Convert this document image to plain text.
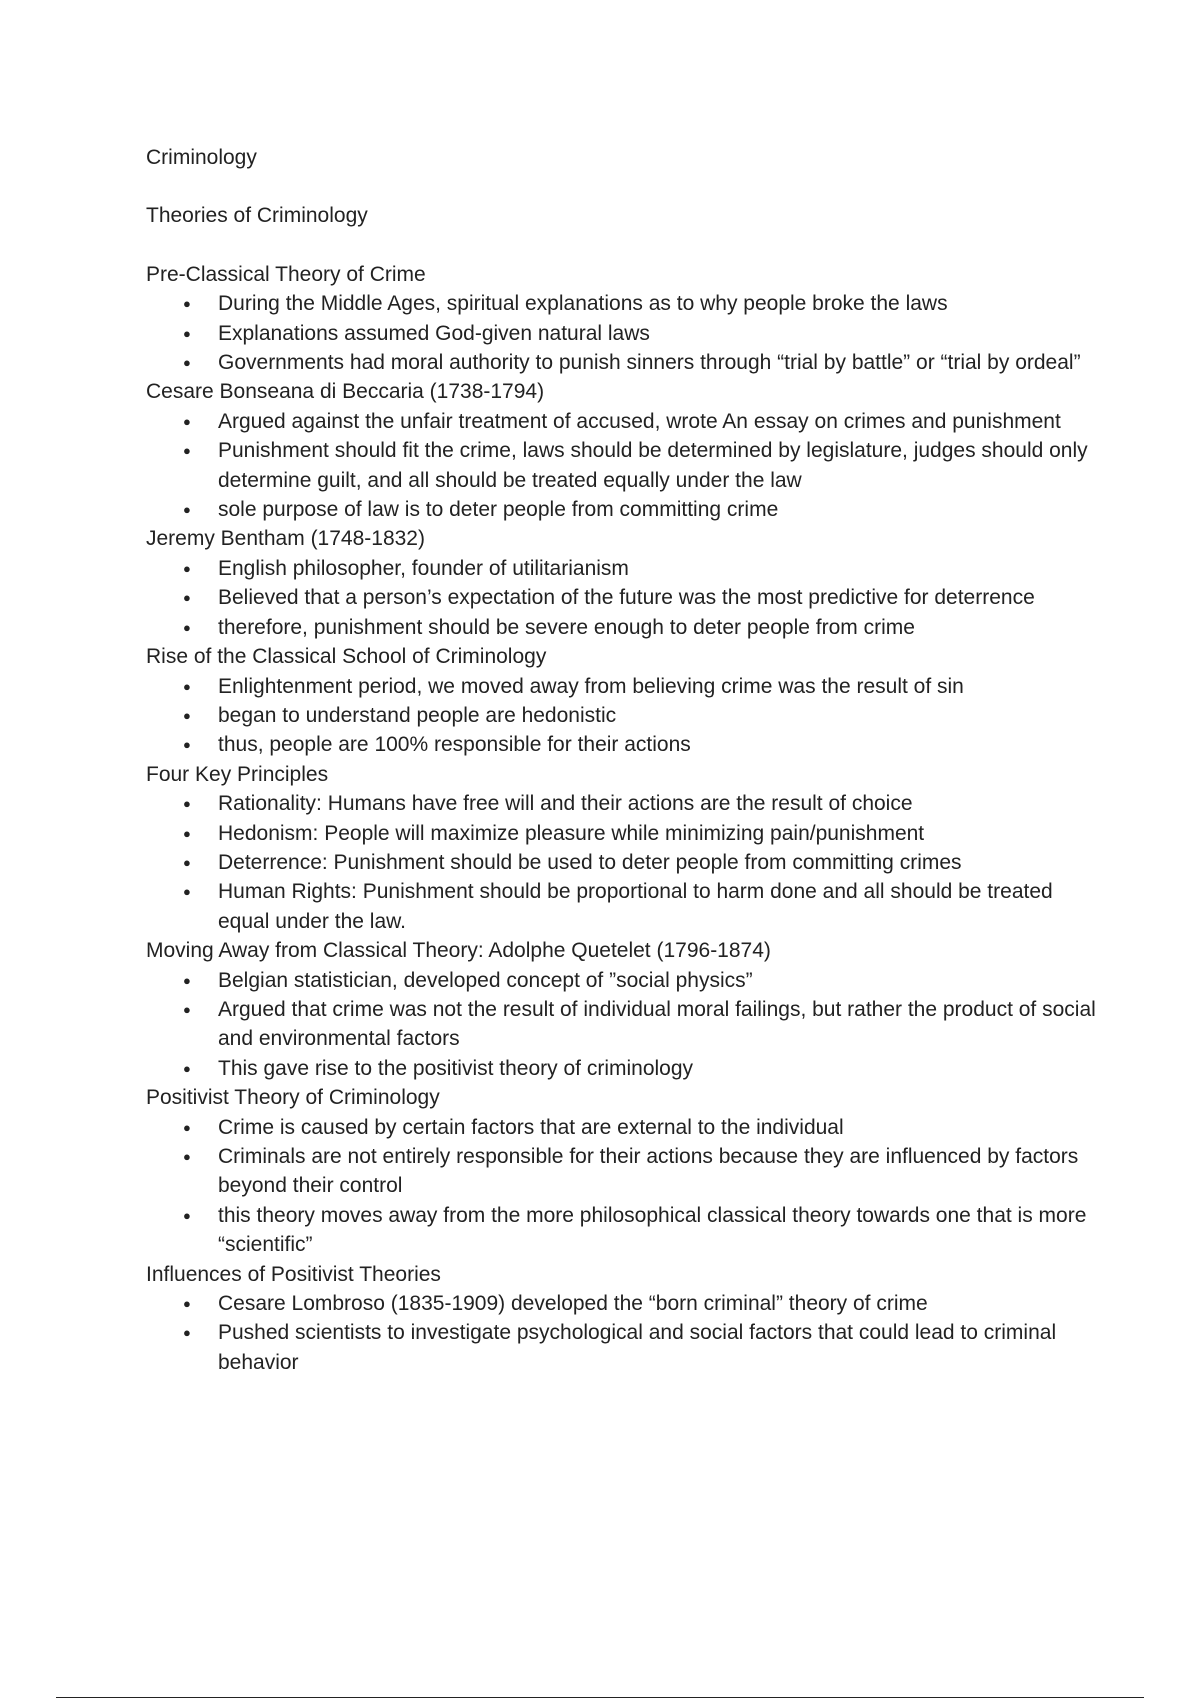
Criminology

Theories of Criminology

Pre-Classical Theory of Crime

● During the Middle Ages, spiritual explanations as to why people broke the laws
● Explanations assumed God-given natural laws
● Governments had moral authority to punish sinners through “trial by battle” or “trial by ordeal”

Cesare Bonseana di Beccaria (1738-1794)

● Argued against the unfair treatment of accused, wrote An essay on crimes and punishment
● Punishment should fit the crime, laws should be determined by legislature, judges should only determine guilt, and all should be treated equally under the law
● sole purpose of law is to deter people from committing crime

Jeremy Bentham (1748-1832)

● English philosopher, founder of utilitarianism
● Believed that a person’s expectation of the future was the most predictive for deterrence
● therefore, punishment should be severe enough to deter people from crime

Rise of the Classical School of Criminology

● Enlightenment period, we moved away from believing crime was the result of sin
● began to understand people are hedonistic
● thus, people are 100% responsible for their actions

Four Key Principles

● Rationality: Humans have free will and their actions are the result of choice
● Hedonism: People will maximize pleasure while minimizing pain/punishment
● Deterrence: Punishment should be used to deter people from committing crimes
● Human Rights: Punishment should be proportional to harm done and all should be treated equal under the law.

Moving Away from Classical Theory: Adolphe Quetelet (1796-1874)

● Belgian statistician, developed concept of ”social physics”
● Argued that crime was not the result of individual moral failings, but rather the product of social and environmental factors
● This gave rise to the positivist theory of criminology

Positivist Theory of Criminology

● Crime is caused by certain factors that are external to the individual
● Criminals are not entirely responsible for their actions because they are influenced by factors beyond their control
● this theory moves away from the more philosophical classical theory towards one that is more “scientific”

Influences of Positivist Theories

● Cesare Lombroso (1835-1909) developed the “born criminal” theory of crime
● Pushed scientists to investigate psychological and social factors that could lead to criminal behavior
